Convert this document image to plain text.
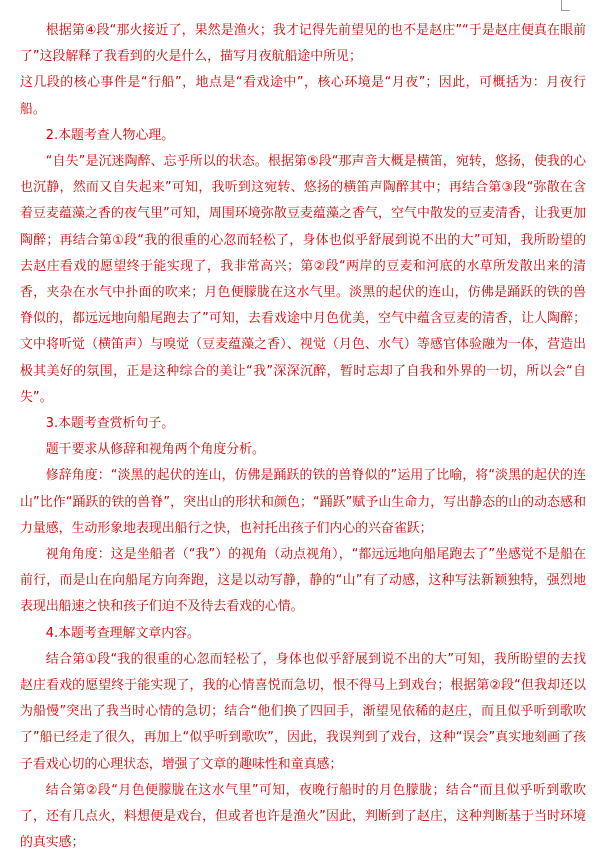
根据第④段“那火接近了，果然是渔火；我才记得先前望见的也不是赵庄”“于是赵庄便真在眼前了”这段解释了我看到的火是什么，描写月夜航船途中所见；

这几段的核心事件是“行船”，地点是“看戏途中”，核心环境是“月夜”；因此，可概括为：月夜行船。

2.本题考查人物心理。

“自失”是沉迷陶醉、忘乎所以的状态。根据第⑤段“那声音大概是横笛，宛转，悠扬，使我的心也沉静，然而又自失起来”可知，我听到这宛转、悠扬的横笛声陶醉其中；再结合第③段“弥散在含着豆麦蕴藻之香的夜气里”可知，周围环境弥散豆麦蕴藻之香气，空气中散发的豆麦清香，让我更加陶醉；再结合第①段“我的很重的心忽而轻松了，身体也似乎舒展到说不出的大”可知，我所盼望的去赵庄看戏的愿望终于能实现了，我非常高兴；第②段“两岸的豆麦和河底的水草所发散出来的清香，夹杂在水气中扑面的吹来；月色便朦胧在这水气里。淡黑的起伏的连山，仿佛是踊跃的铁的兽脊似的，都远远地向船尾跑去了”可知，去看戏途中月色优美，空气中蕴含豆麦的清香，让人陶醉；文中将听觉（横笛声）与嗅觉（豆麦蕴藻之香）、视觉（月色、水气）等感官体验融为一体，营造出极其美好的氛围，正是这种综合的美让“我”深深沉醉，暂时忘却了自我和外界的一切，所以会“自失”。

3.本题考查赏析句子。

题干要求从修辞和视角两个角度分析。

修辞角度：“淡黑的起伏的连山，仿佛是踊跃的铁的兽脊似的”运用了比喻，将“淡黑的起伏的连山”比作“踊跃的铁的兽脊”，突出山的形状和颜色；“踊跃”赋予山生命力，写出静态的山的动态感和力量感，生动形象地表现出船行之快，也衬托出孩子们内心的兴奋雀跃；

视角角度：这是坐船者（“我”）的视角（动点视角），“都远远地向船尾跑去了”坐感觉不是船在前行，而是山在向船尾方向奔跑，这是以动写静，静的“山”有了动感，这种写法新颖独特，强烈地表现出船速之快和孩子们迫不及待去看戏的心情。

4.本题考查理解文章内容。

结合第①段“我的很重的心忽而轻松了，身体也似乎舒展到说不出的大”可知，我所盼望的去找赵庄看戏的愿望终于能实现了，我的心情喜悦而急切，恨不得马上到戏台；根据第②段“但我却还以为船慢”突出了我当时心情的急切；结合“他们换了四回手，渐望见依稀的赵庄，而且似乎听到歌吹了”船已经走了很久，再加上“似乎听到歌吹”，因此，我误判到了戏台，这种“误会”真实地刻画了孩子看戏心切的心理状态，增强了文章的趣味性和童真感；

结合第②段“月色便朦胧在这水气里”可知，夜晚行船时的月色朦胧；结合“而且似乎听到歌吹了，还有几点火，料想便是戏台，但或者也许是渔火”因此，判断到了赵庄，这种判断基于当时环境的真实感；
